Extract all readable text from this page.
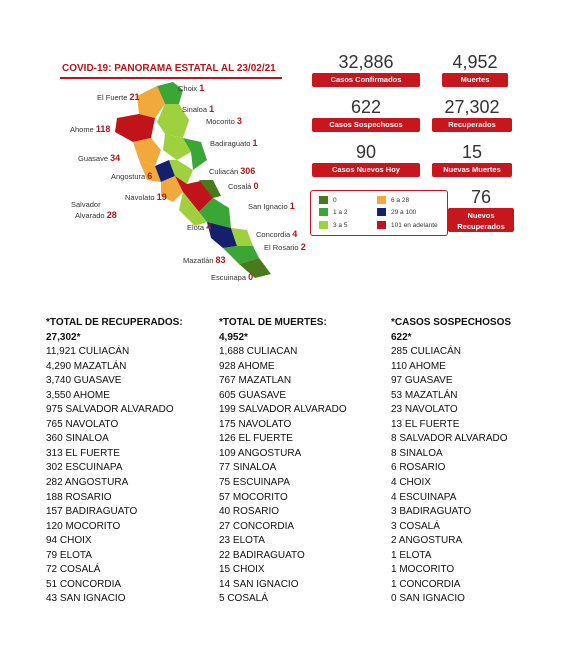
COVID-19: PANORAMA ESTATAL AL 23/02/21
Choix 1
El Fuerte 21
Sinaloa 1
Ahome 118
Mocorito 3
Badiraguato 1
Guasave 34
Culiacán 306
Angostura 6
Cosalá 0
Navolato 19
Salvador
Alvarado 28
San Ignacio 1
Elota 4
Concordia 4
El Rosario 2
Mazatlán 83
Escuinapa 0
32,886
Casos Confirmados
4,952
Muertes
622
Casos Sospechosos
27,302
Recuperados
90
Casos Nuevos Hoy
15
Nuevas Muertes
76
Nuevos Recuperados
0	6 a 28
1 a 2	29 a 100
3 a 5	101 en adelante
*TOTAL DE RECUPERADOS:
27,302*
11,921 CULIACÁN
4,290 MAZATLÁN
3,740 GUASAVE
3,550 AHOME
975 SALVADOR ALVARADO
765 NAVOLATO
360 SINALOA
313 EL FUERTE
302 ESCUINAPA
282 ANGOSTURA
188 ROSARIO
157 BADIRAGUATO
120 MOCORITO
94 CHOIX
79 ELOTA
72 COSALÁ
51 CONCORDIA
43 SAN IGNACIO
*TOTAL DE MUERTES:
4,952*
1,688 CULIACAN
928 AHOME
767 MAZATLAN
605 GUASAVE
199 SALVADOR ALVARADO
175 NAVOLATO
126 EL FUERTE
109 ANGOSTURA
77 SINALOA
75 ESCUINAPA
57 MOCORITO
40 ROSARIO
27 CONCORDIA
23 ELOTA
22 BADIRAGUATO
15 CHOIX
14 SAN IGNACIO
5 COSALÁ
*CASOS SOSPECHOSOS
622*
285 CULIACÁN
110 AHOME
97 GUASAVE
53 MAZATLÁN
23 NAVOLATO
13 EL FUERTE
8 SALVADOR ALVARADO
8 SINALOA
6 ROSARIO
4 CHOIX
4 ESCUINAPA
3 BADIRAGUATO
3 COSALÁ
2 ANGOSTURA
1 ELOTA
1 MOCORITO
1 CONCORDIA
0 SAN IGNACIO
